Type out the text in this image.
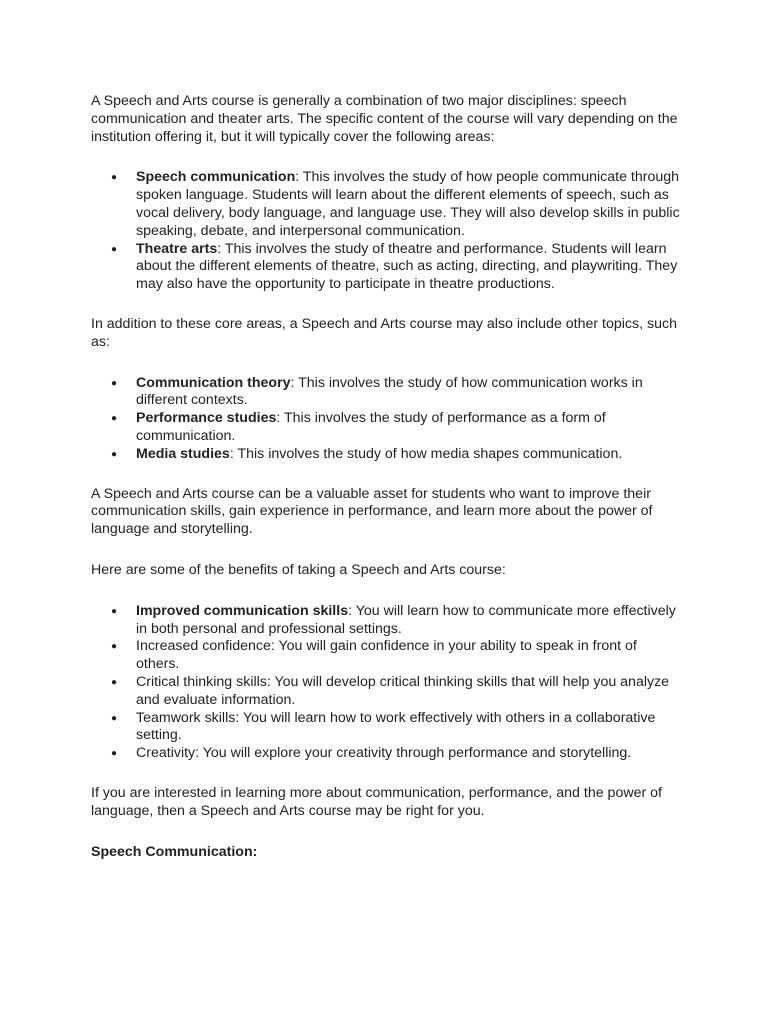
A Speech and Arts course is generally a combination of two major disciplines: speech communication and theater arts. The specific content of the course will vary depending on the institution offering it, but it will typically cover the following areas:

● Speech communication: This involves the study of how people communicate through spoken language. Students will learn about the different elements of speech, such as vocal delivery, body language, and language use. They will also develop skills in public speaking, debate, and interpersonal communication.
● Theatre arts: This involves the study of theatre and performance. Students will learn about the different elements of theatre, such as acting, directing, and playwriting. They may also have the opportunity to participate in theatre productions.

In addition to these core areas, a Speech and Arts course may also include other topics, such as:

● Communication theory: This involves the study of how communication works in different contexts.
● Performance studies: This involves the study of performance as a form of communication.
● Media studies: This involves the study of how media shapes communication.

A Speech and Arts course can be a valuable asset for students who want to improve their communication skills, gain experience in performance, and learn more about the power of language and storytelling.

Here are some of the benefits of taking a Speech and Arts course:

● Improved communication skills: You will learn how to communicate more effectively in both personal and professional settings.
● Increased confidence: You will gain confidence in your ability to speak in front of others.
● Critical thinking skills: You will develop critical thinking skills that will help you analyze and evaluate information.
● Teamwork skills: You will learn how to work effectively with others in a collaborative setting.
● Creativity: You will explore your creativity through performance and storytelling.

If you are interested in learning more about communication, performance, and the power of language, then a Speech and Arts course may be right for you.

Speech Communication:
